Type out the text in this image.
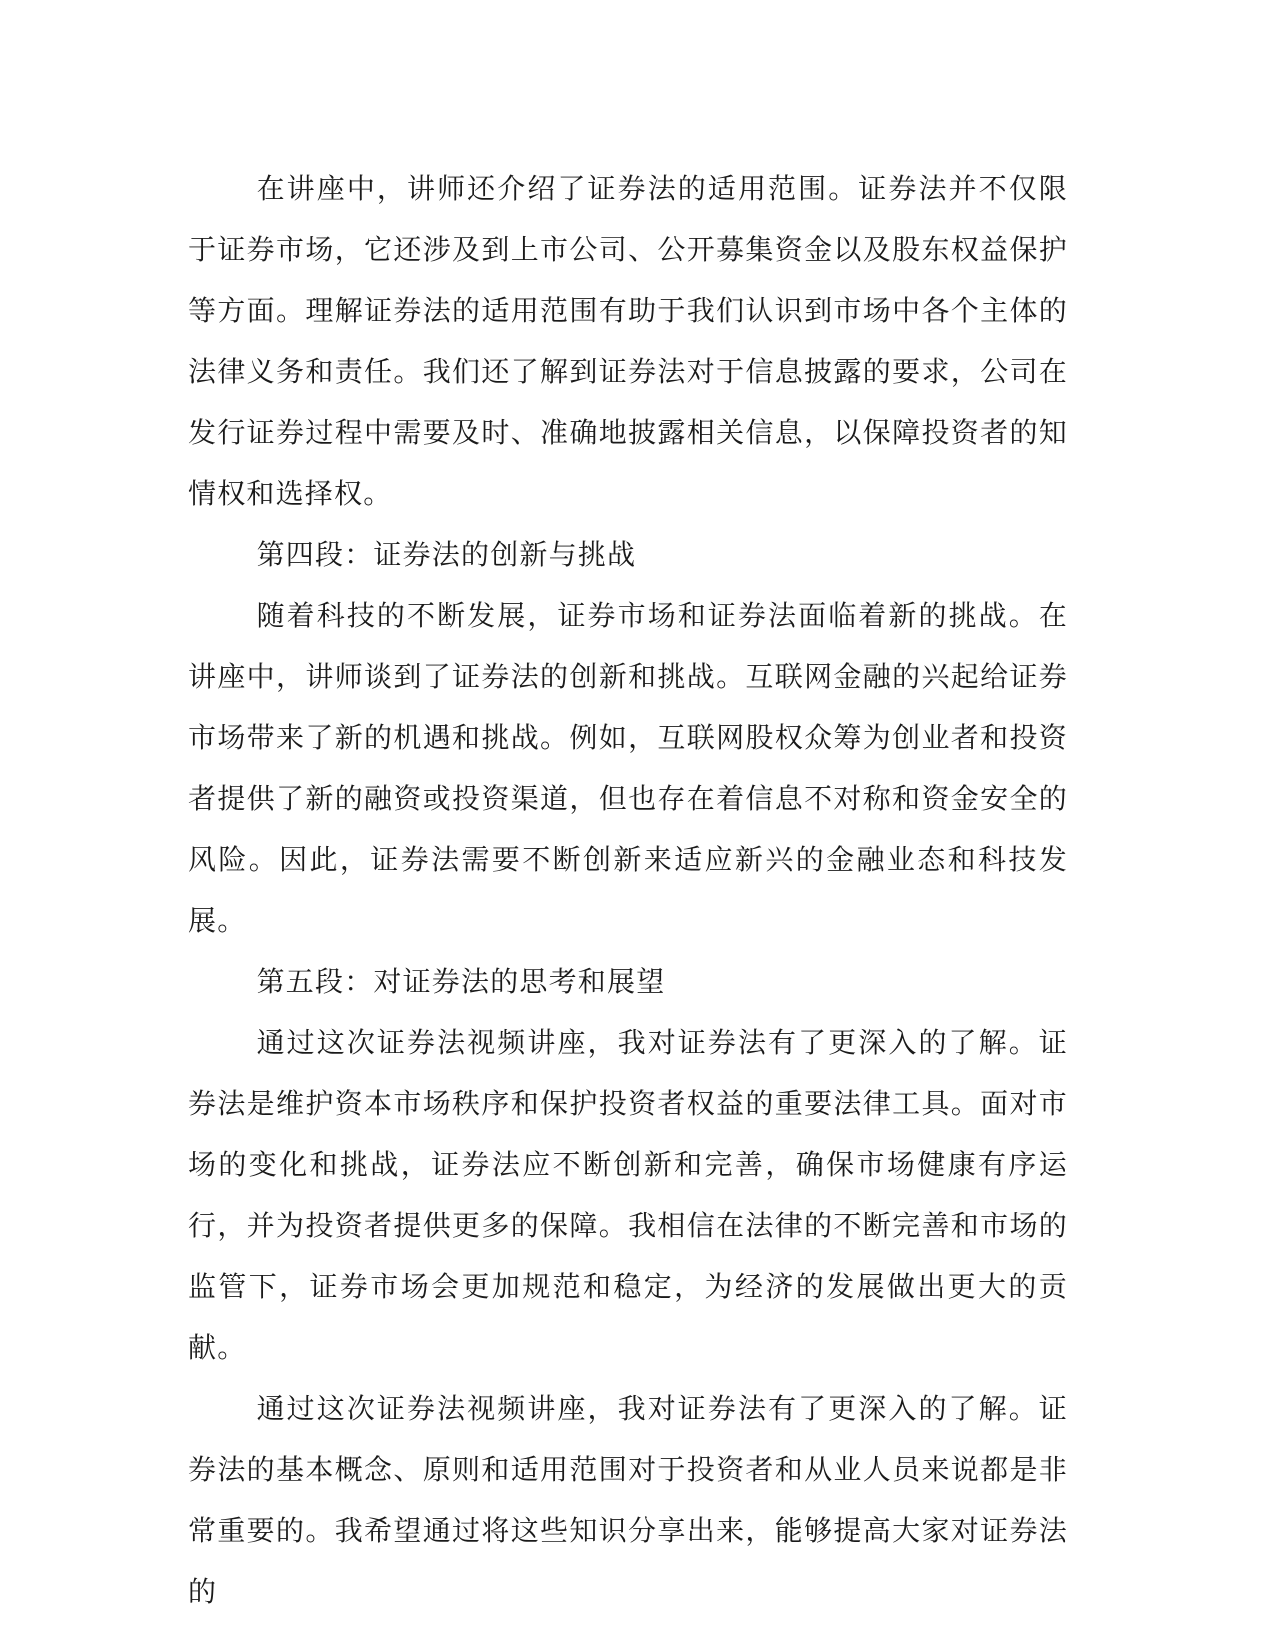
在讲座中，讲师还介绍了证券法的适用范围。证券法并不仅限于证券市场，它还涉及到上市公司、公开募集资金以及股东权益保护等方面。理解证券法的适用范围有助于我们认识到市场中各个主体的法律义务和责任。我们还了解到证券法对于信息披露的要求，公司在发行证券过程中需要及时、准确地披露相关信息，以保障投资者的知情权和选择权。

第四段：证券法的创新与挑战

随着科技的不断发展，证券市场和证券法面临着新的挑战。在讲座中，讲师谈到了证券法的创新和挑战。互联网金融的兴起给证券市场带来了新的机遇和挑战。例如，互联网股权众筹为创业者和投资者提供了新的融资或投资渠道，但也存在着信息不对称和资金安全的风险。因此，证券法需要不断创新来适应新兴的金融业态和科技发展。

第五段：对证券法的思考和展望

通过这次证券法视频讲座，我对证券法有了更深入的了解。证券法是维护资本市场秩序和保护投资者权益的重要法律工具。面对市场的变化和挑战，证券法应不断创新和完善，确保市场健康有序运行，并为投资者提供更多的保障。我相信在法律的不断完善和市场的监管下，证券市场会更加规范和稳定，为经济的发展做出更大的贡献。

通过这次证券法视频讲座，我对证券法有了更深入的了解。证券法的基本概念、原则和适用范围对于投资者和从业人员来说都是非常重要的。我希望通过将这些知识分享出来，能够提高大家对证券法的
